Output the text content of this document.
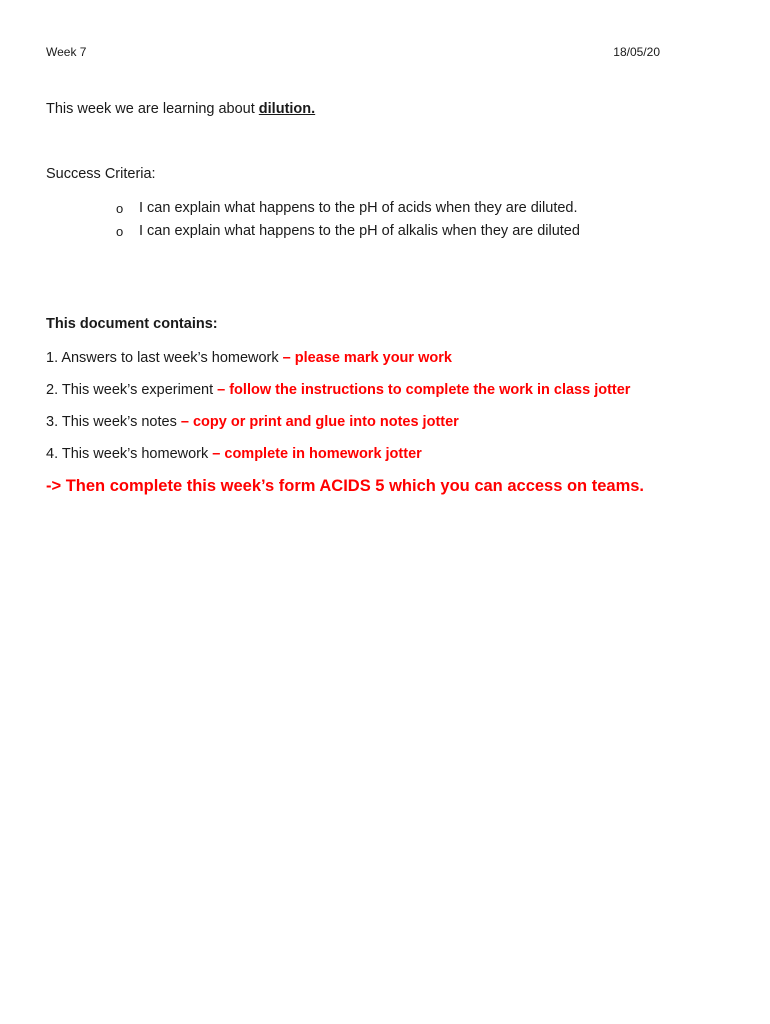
Week 7	18/05/20
This week we are learning about dilution.
Success Criteria:
o	I can explain what happens to the pH of acids when they are diluted.
o	I can explain what happens to the pH of alkalis when they are diluted
This document contains:
1. Answers to last week’s homework – please mark your work
2. This week’s experiment – follow the instructions to complete the work in class jotter
3. This week’s notes – copy or print and glue into notes jotter
4. This week’s homework – complete in homework jotter
-> Then complete this week’s form ACIDS 5 which you can access on teams.
